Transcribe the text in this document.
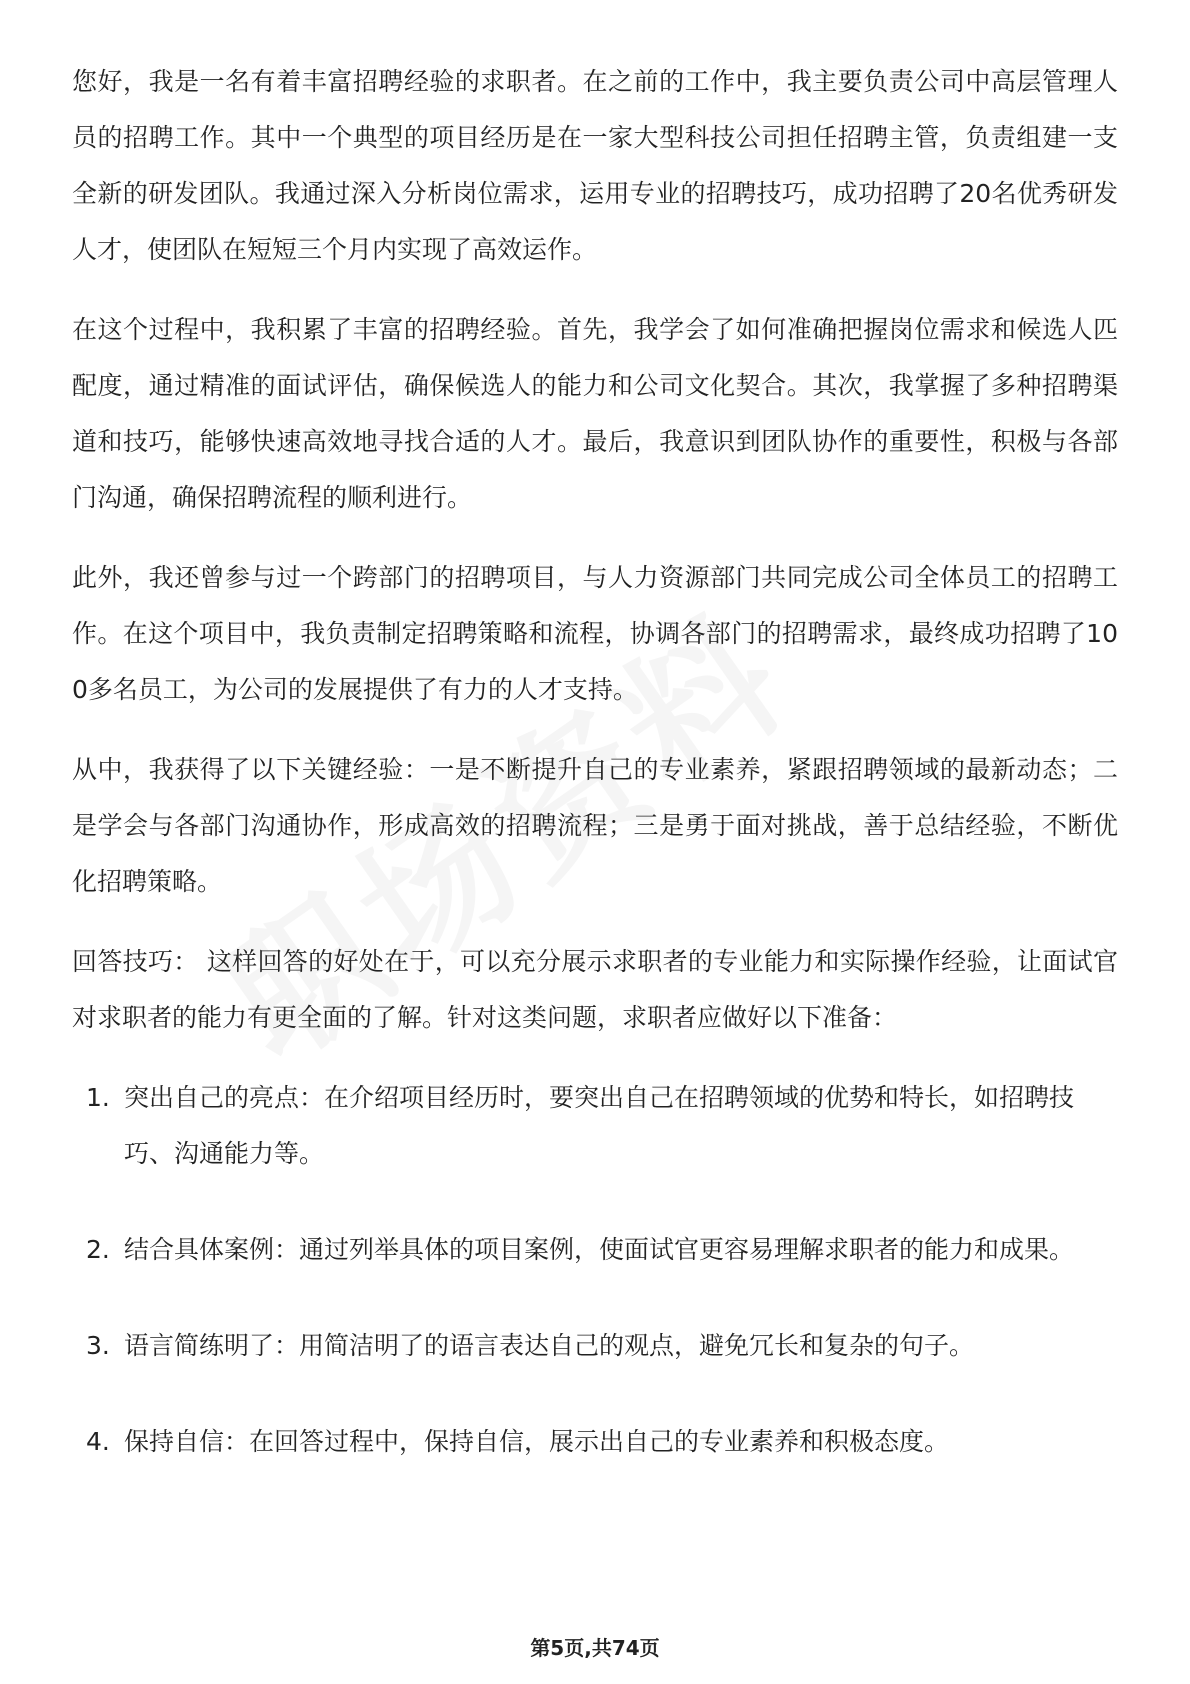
您好，我是一名有着丰富招聘经验的求职者。在之前的工作中，我主要负责公司中高层管理人员的招聘工作。其中一个典型的项目经历是在一家大型科技公司担任招聘主管，负责组建一支全新的研发团队。我通过深入分析岗位需求，运用专业的招聘技巧，成功招聘了20名优秀研发人才，使团队在短短三个月内实现了高效运作。

在这个过程中，我积累了丰富的招聘经验。首先，我学会了如何准确把握岗位需求和候选人匹配度，通过精准的面试评估，确保候选人的能力和公司文化契合。其次，我掌握了多种招聘渠道和技巧，能够快速高效地寻找合适的人才。最后，我意识到团队协作的重要性，积极与各部门沟通，确保招聘流程的顺利进行。

此外，我还曾参与过一个跨部门的招聘项目，与人力资源部门共同完成公司全体员工的招聘工作。在这个项目中，我负责制定招聘策略和流程，协调各部门的招聘需求，最终成功招聘了100多名员工，为公司的发展提供了有力的人才支持。

从中，我获得了以下关键经验：一是不断提升自己的专业素养，紧跟招聘领域的最新动态；二是学会与各部门沟通协作，形成高效的招聘流程；三是勇于面对挑战，善于总结经验，不断优化招聘策略。

回答技巧： 这样回答的好处在于，可以充分展示求职者的专业能力和实际操作经验，让面试官对求职者的能力有更全面的了解。针对这类问题，求职者应做好以下准备：

1. 突出自己的亮点：在介绍项目经历时，要突出自己在招聘领域的优势和特长，如招聘技巧、沟通能力等。
2. 结合具体案例：通过列举具体的项目案例，使面试官更容易理解求职者的能力和成果。
3. 语言简练明了：用简洁明了的语言表达自己的观点，避免冗长和复杂的句子。
4. 保持自信：在回答过程中，保持自信，展示出自己的专业素养和积极态度。
第5页,共74页
